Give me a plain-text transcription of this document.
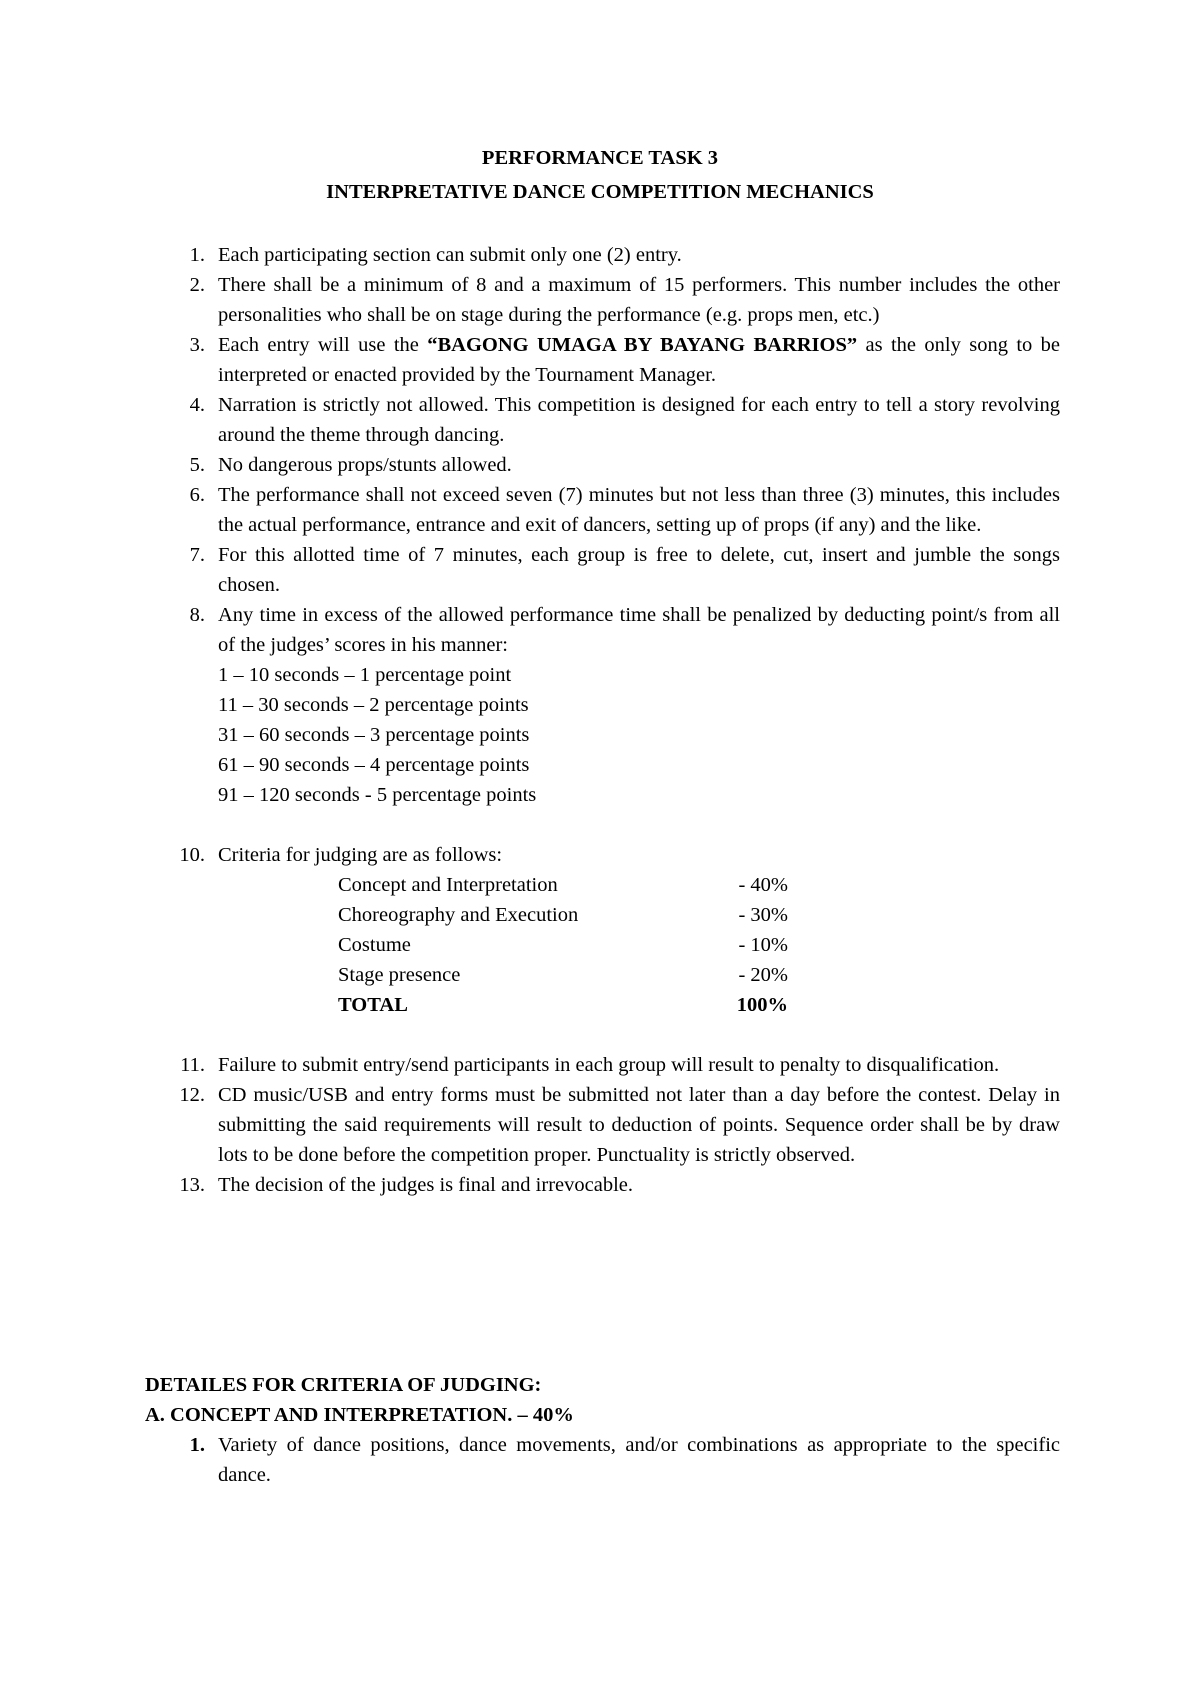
PERFORMANCE TASK 3
INTERPRETATIVE DANCE COMPETITION MECHANICS
1. Each participating section can submit only one (2) entry.
2. There shall be a minimum of 8 and a maximum of 15 performers. This number includes the other personalities who shall be on stage during the performance (e.g. props men, etc.)
3. Each entry will use the “BAGONG UMAGA BY BAYANG BARRIOS” as the only song to be interpreted or enacted provided by the Tournament Manager.
4. Narration is strictly not allowed. This competition is designed for each entry to tell a story revolving around the theme through dancing.
5. No dangerous props/stunts allowed.
6. The performance shall not exceed seven (7) minutes but not less than three (3) minutes, this includes the actual performance, entrance and exit of dancers, setting up of props (if any) and the like.
7. For this allotted time of 7 minutes, each group is free to delete, cut, insert and jumble the songs chosen.
8. Any time in excess of the allowed performance time shall be penalized by deducting point/s from all of the judges’ scores in his manner:
1 – 10 seconds – 1 percentage point
11 – 30 seconds – 2 percentage points
31 – 60 seconds – 3 percentage points
61 – 90 seconds – 4 percentage points
91 – 120 seconds - 5 percentage points
10. Criteria for judging are as follows:
Concept and Interpretation	- 40%
Choreography and Execution	- 30%
Costume	- 10%
Stage presence	- 20%
TOTAL	100%
11. Failure to submit entry/send participants in each group will result to penalty to disqualification.
12. CD music/USB and entry forms must be submitted not later than a day before the contest. Delay in submitting the said requirements will result to deduction of points. Sequence order shall be by draw lots to be done before the competition proper. Punctuality is strictly observed.
13. The decision of the judges is final and irrevocable.
DETAILES FOR CRITERIA OF JUDGING:
A. CONCEPT AND INTERPRETATION. – 40%
1. Variety of dance positions, dance movements, and/or combinations as appropriate to the specific dance.
